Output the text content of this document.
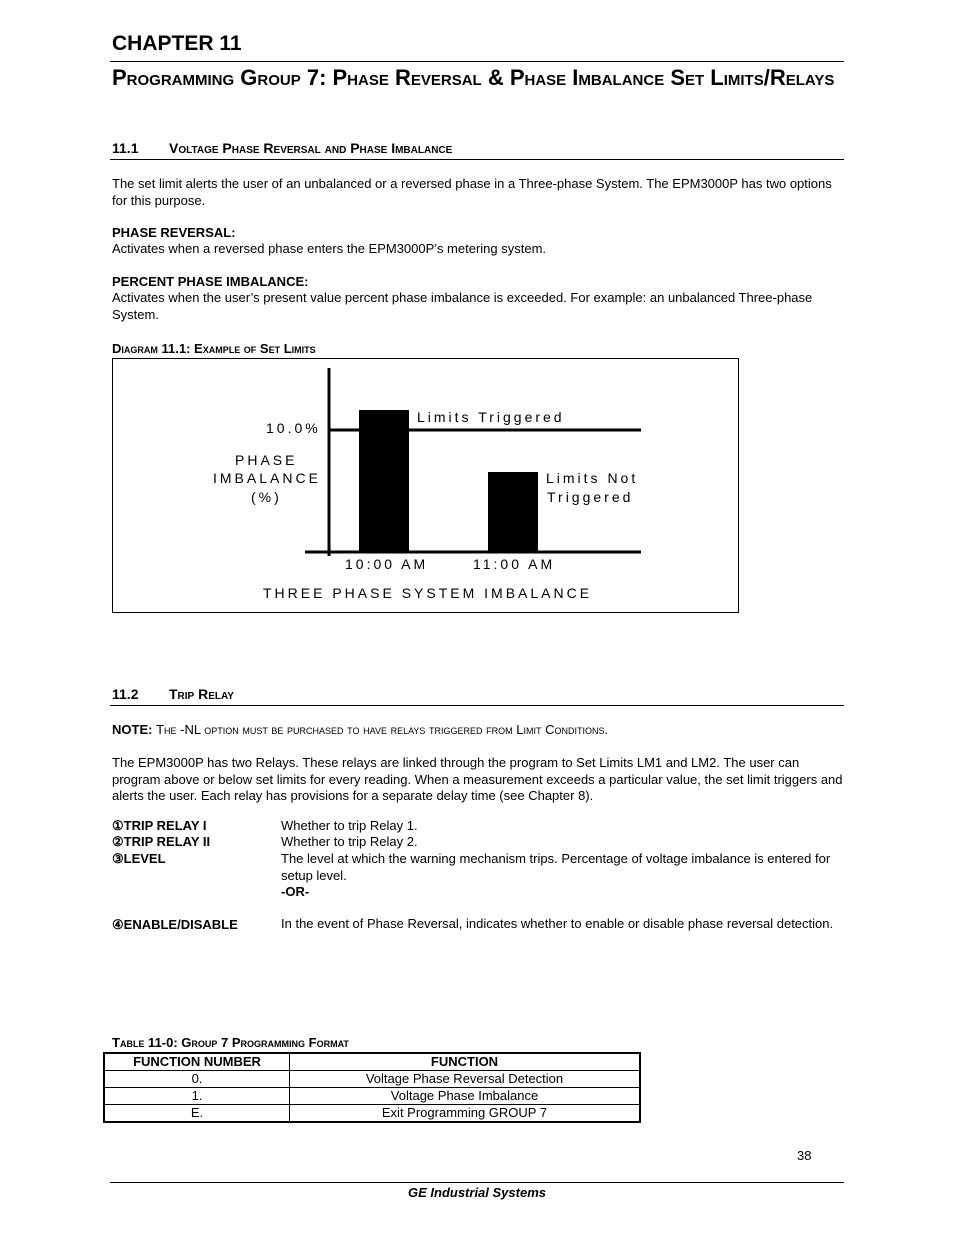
CHAPTER 11
Programming Group 7: Phase Reversal & Phase Imbalance Set Limits/Relays
11.1 Voltage Phase Reversal and Phase Imbalance
The set limit alerts the user of an unbalanced or a reversed phase in a Three-phase System. The EPM3000P has two options for this purpose.
PHASE REVERSAL:
Activates when a reversed phase enters the EPM3000P’s metering system.
PERCENT PHASE IMBALANCE:
Activates when the user’s present value percent phase imbalance is exceeded. For example: an unbalanced Three-phase System.
Diagram 11.1: Example of Set Limits
10.0%
PHASE
IMBALANCE
(%)
Limits Triggered
Limits Not
Triggered
10:00 AM	11:00 AM
THREE PHASE SYSTEM IMBALANCE
11.2 Trip Relay
NOTE: The -NL option must be purchased to have relays triggered from Limit Conditions.
The EPM3000P has two Relays. These relays are linked through the program to Set Limits LM1 and LM2. The user can program above or below set limits for every reading. When a measurement exceeds a particular value, the set limit triggers and alerts the user. Each relay has provisions for a separate delay time (see Chapter 8).
①TRIP RELAY I	Whether to trip Relay 1.
②TRIP RELAY II	Whether to trip Relay 2.
③LEVEL	The level at which the warning mechanism trips. Percentage of voltage imbalance is entered for setup level.
-OR-
④ENABLE/DISABLE	In the event of Phase Reversal, indicates whether to enable or disable phase reversal detection.
Table 11-0: Group 7 Programming Format
FUNCTION NUMBER	FUNCTION
0.	Voltage Phase Reversal Detection
1.	Voltage Phase Imbalance
E.	Exit Programming GROUP 7
38
GE Industrial Systems
